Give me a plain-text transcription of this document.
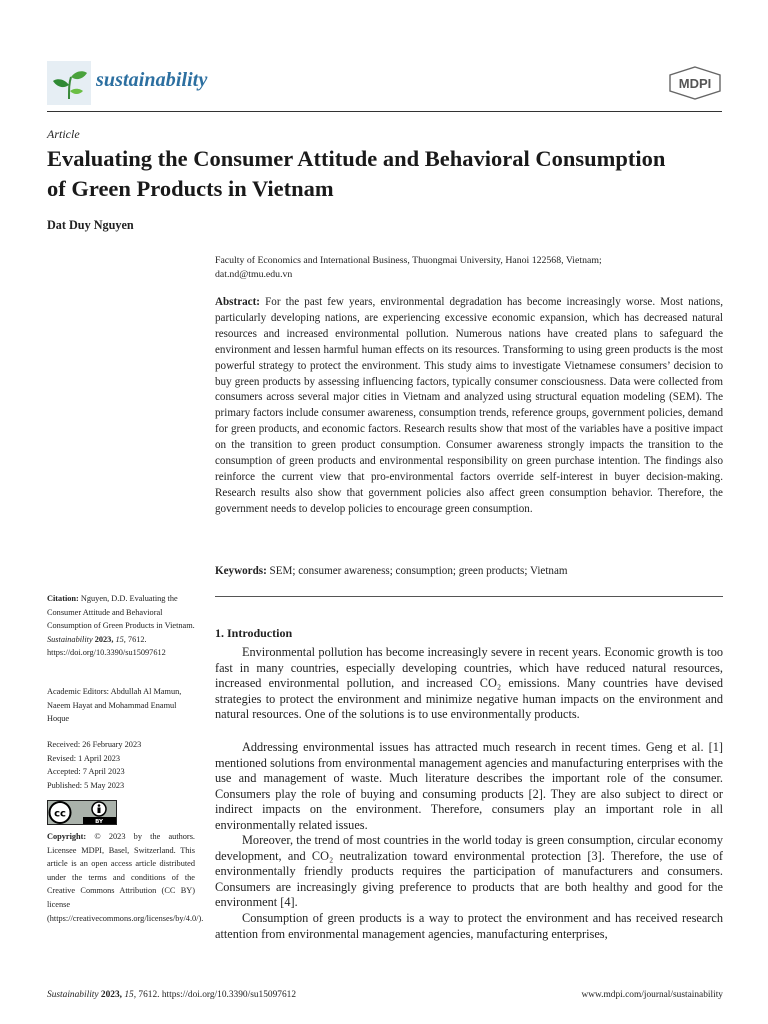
sustainability	MDPI
Article
Evaluating the Consumer Attitude and Behavioral Consumption of Green Products in Vietnam
Dat Duy Nguyen
Faculty of Economics and International Business, Thuongmai University, Hanoi 122568, Vietnam;
dat.nd@tmu.edu.vn
Abstract: For the past few years, environmental degradation has become increasingly worse. Most nations, particularly developing nations, are experiencing excessive economic expansion, which has decreased natural resources and increased environmental pollution. Numerous nations have created plans to safeguard the environment and lessen harmful human effects on its resources. Transforming to using green products is the most powerful strategy to protect the environment. This study aims to investigate Vietnamese consumers’ decision to buy green products by assessing influencing factors, typically consumer consciousness. Data were collected from consumers across several major cities in Vietnam and analyzed using structural equation modeling (SEM). The primary factors include consumer awareness, consumption trends, reference groups, government policies, demand for green products, and economic factors. Research results show that most of the variables have a positive impact on the transition to green product consumption. Consumer awareness strongly impacts the transition to the consumption of green products and environmental responsibility on green purchase intention. The findings also reinforce the current view that pro-environmental factors override self-interest in buyer decision-making. Research results also show that government policies also affect green consumption behavior. Therefore, the government needs to develop policies to encourage green consumption.
Keywords: SEM; consumer awareness; consumption; green products; Vietnam
1. Introduction

Environmental pollution has become increasingly severe in recent years. Economic growth is too fast in many countries, especially developing countries, which have reduced natural resources, increased environmental pollution, and increased CO₂ emissions. Many countries have devised strategies to protect the environment and minimize negative human impacts on the environment and natural resources. One of the solutions is to use environmentally products.

Addressing environmental issues has attracted much research in recent times. Geng et al. [1] mentioned solutions from environmental management agencies and manufacturing enterprises with the use and management of waste. Much literature describes the important role of the consumer. Consumers play the role of buying and consuming products [2]. They are also subject to direct or indirect impacts on the environment. Therefore, consumers play an important role in all environmentally related issues.

Moreover, the trend of most countries in the world today is green consumption, circular economy development, and CO₂ neutralization toward environmental protection [3]. Therefore, the use of environmentally friendly products requires the participation of manufacturers and consumers. Consumers are increasingly giving preference to products that are both healthy and good for the environment [4].

Consumption of green products is a way to protect the environment and has received research attention from environmental management agencies, manufacturing enterprises,

Citation: Nguyen, D.D. Evaluating the Consumer Attitude and Behavioral Consumption of Green Products in Vietnam. Sustainability 2023, 15, 7612. https://doi.org/10.3390/su15097612
Academic Editors: Abdullah Al Mamun, Naeem Hayat and Mohammad Enamul Hoque
Received: 26 February 2023
Revised: 1 April 2023
Accepted: 7 April 2023
Published: 5 May 2023
cc
BY
Copyright: © 2023 by the authors. Licensee MDPI, Basel, Switzerland. This article is an open access article distributed under the terms and conditions of the Creative Commons Attribution (CC BY) license (https://creativecommons.org/licenses/by/4.0/).
Sustainability 2023, 15, 7612. https://doi.org/10.3390/su15097612	www.mdpi.com/journal/sustainability
